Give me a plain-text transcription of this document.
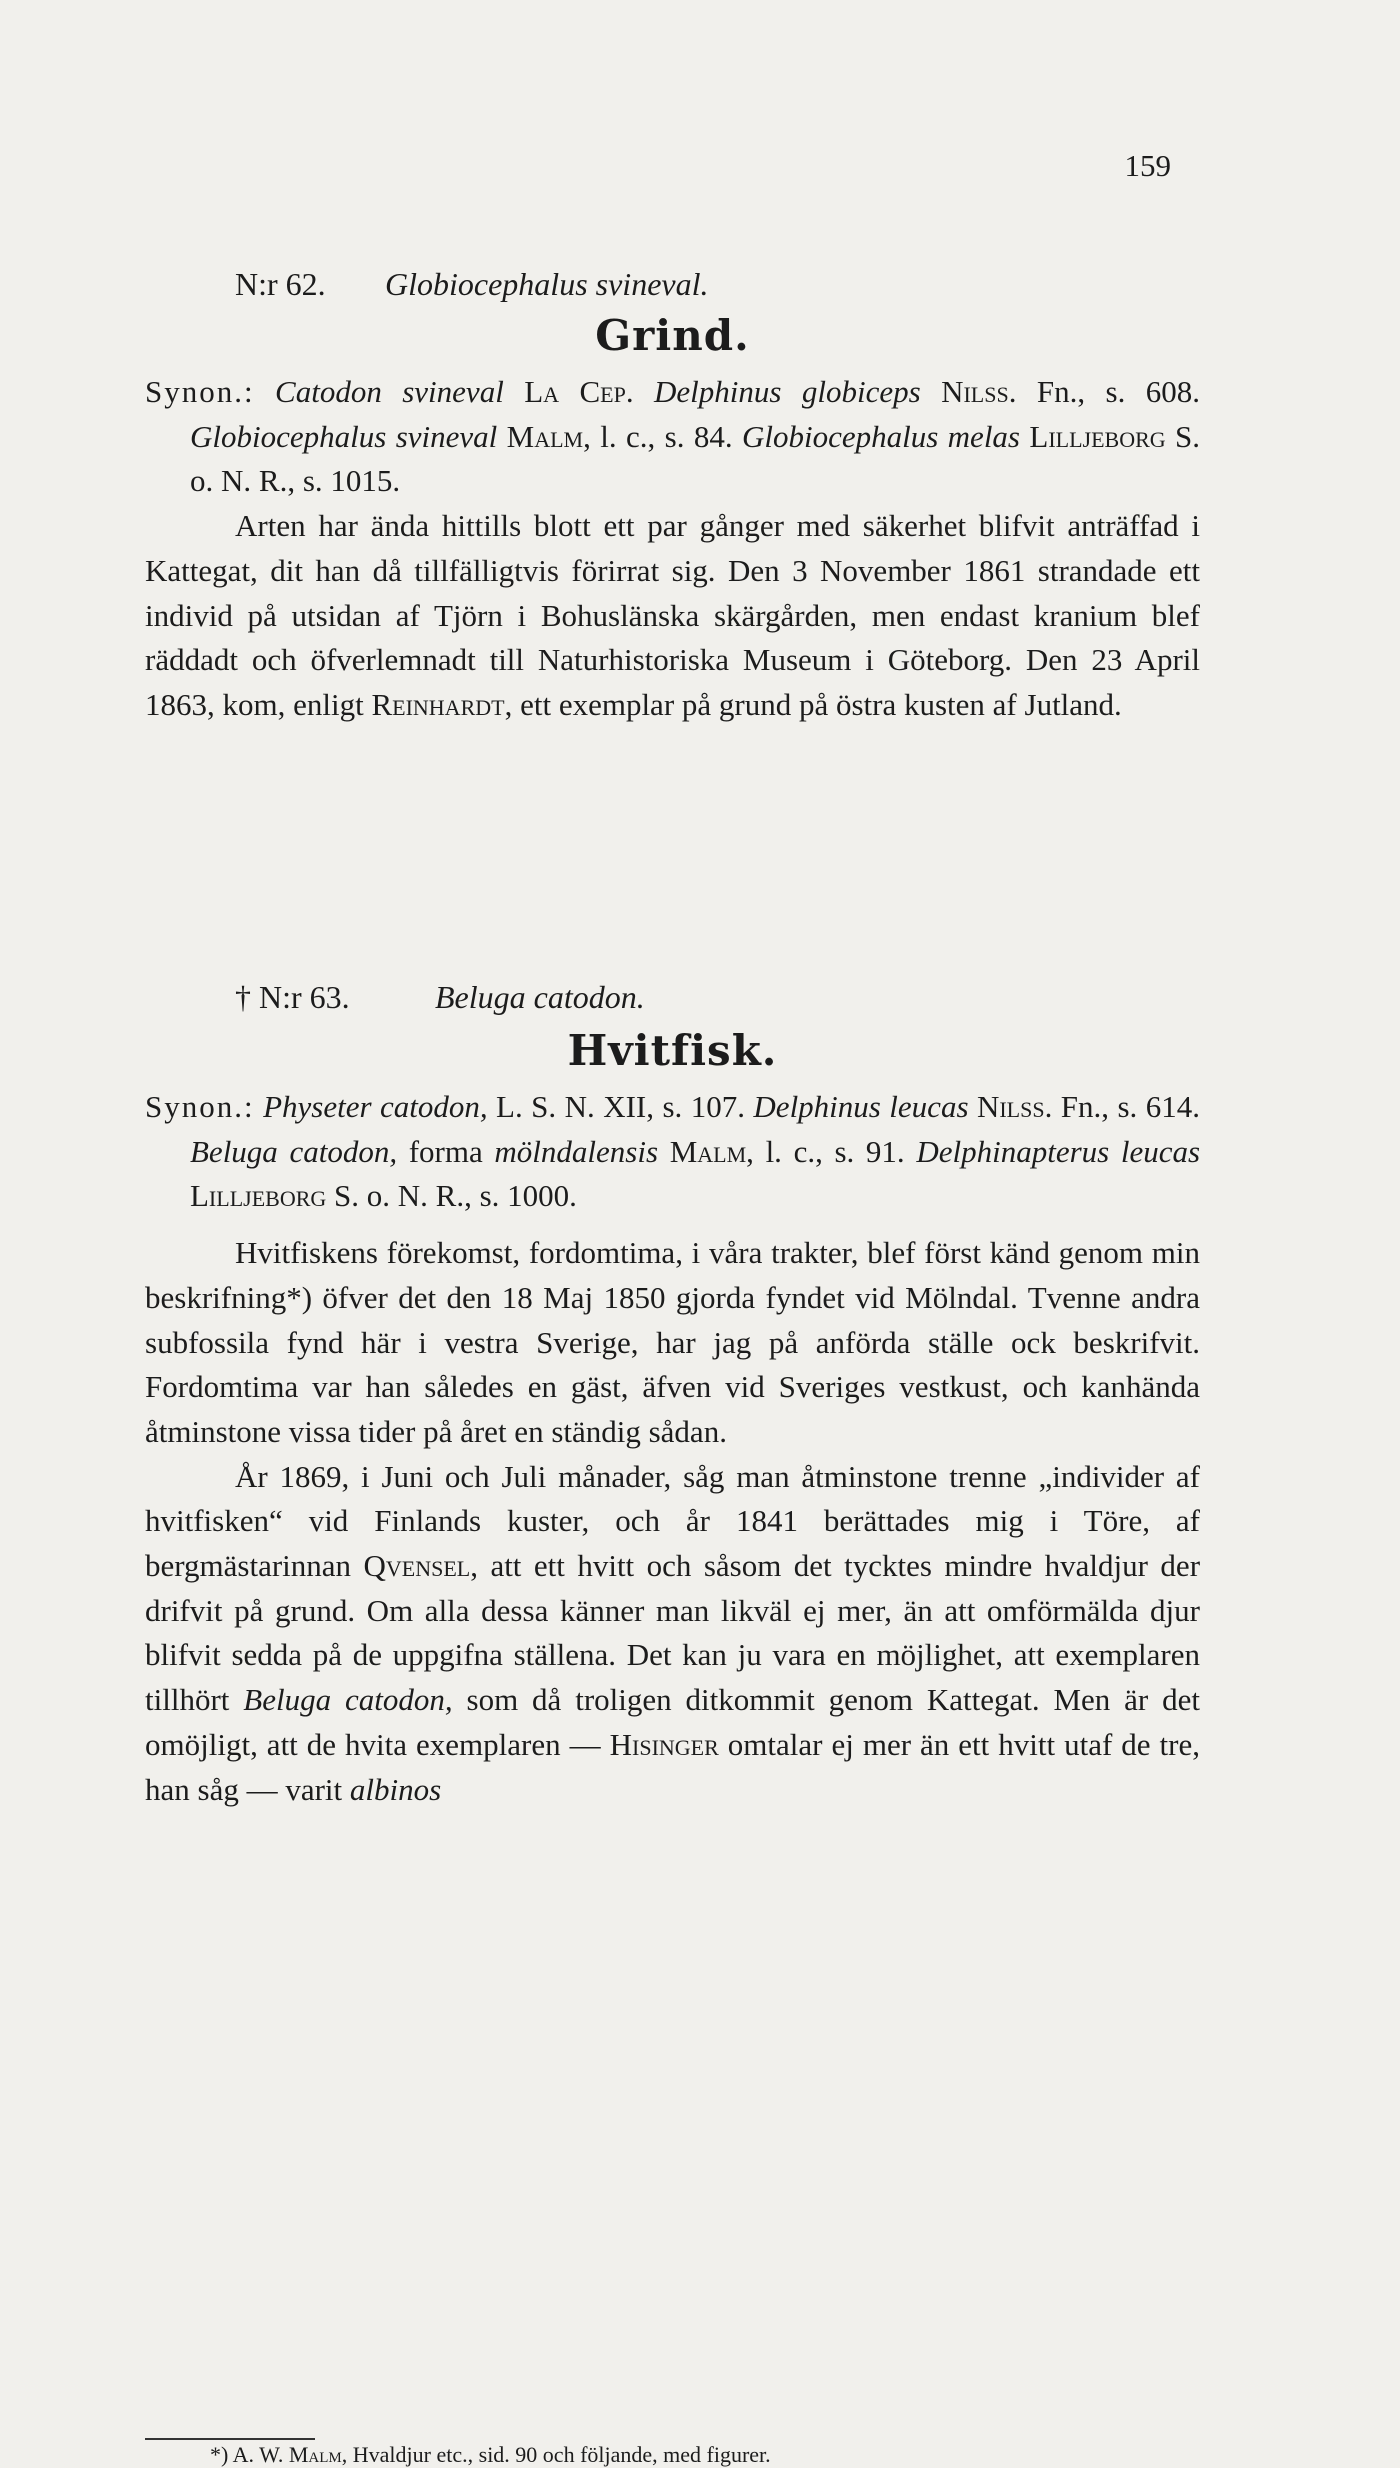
159
N:r 62. Globiocephalus svineval.
Grind.

Synon.: Catodon svineval La Cep. Delphinus globiceps Nilss. Fn., s. 608. Globiocephalus svineval Malm, l. c., s. 84. Globiocephalus melas Lilljeborg S. o. N. R., s. 1015.

Arten har ända hittills blott ett par gånger med säkerhet blifvit anträffad i Kattegat, dit han då tillfälligtvis förirrat sig. Den 3 November 1861 strandade ett individ på utsidan af Tjörn i Bohuslänska skärgården, men endast kranium blef räddadt och öfverlemnadt till Naturhistoriska Museum i Göteborg. Den 23 April 1863, kom, enligt Reinhardt, ett exemplar på grund på östra kusten af Jutland.

† N:r 63.	Beluga catodon.
Hvitfisk.

Synon.: Physeter catodon, L. S. N. XII, s. 107. Delphinus leucas Nilss. Fn., s. 614. Beluga catodon, forma mölndalensis Malm, l. c., s. 91. Delphinapterus leucas Lilljeborg S. o. N. R., s. 1000.

Hvitfiskens förekomst, fordomtima, i våra trakter, blef först känd genom min beskrifning*) öfver det den 18 Maj 1850 gjorda fyndet vid Mölndal. Tvenne andra subfossila fynd här i vestra Sverige, har jag på anförda ställe ock beskrifvit. Fordomtima var han således en gäst, äfven vid Sveriges vestkust, och kanhända åtminstone vissa tider på året en ständig sådan.

År 1869, i Juni och Juli månader, såg man åtminstone trenne „individer af hvitfisken“ vid Finlands kuster, och år 1841 berättades mig i Töre, af bergmästarinnan Qvensel, att ett hvitt och såsom det tycktes mindre hvaldjur der drifvit på grund. Om alla dessa känner man likväl ej mer, än att omförmälda djur blifvit sedda på de uppgifna ställena. Det kan ju vara en möjlighet, att exemplaren tillhört Beluga catodon, som då troligen ditkommit genom Kattegat. Men är det omöjligt, att de hvita exemplaren — Hisinger omtalar ej mer än ett hvitt utaf de tre, han såg — varit albinos

*) A. W. Malm, Hvaldjur etc., sid. 90 och följande, med figurer.
